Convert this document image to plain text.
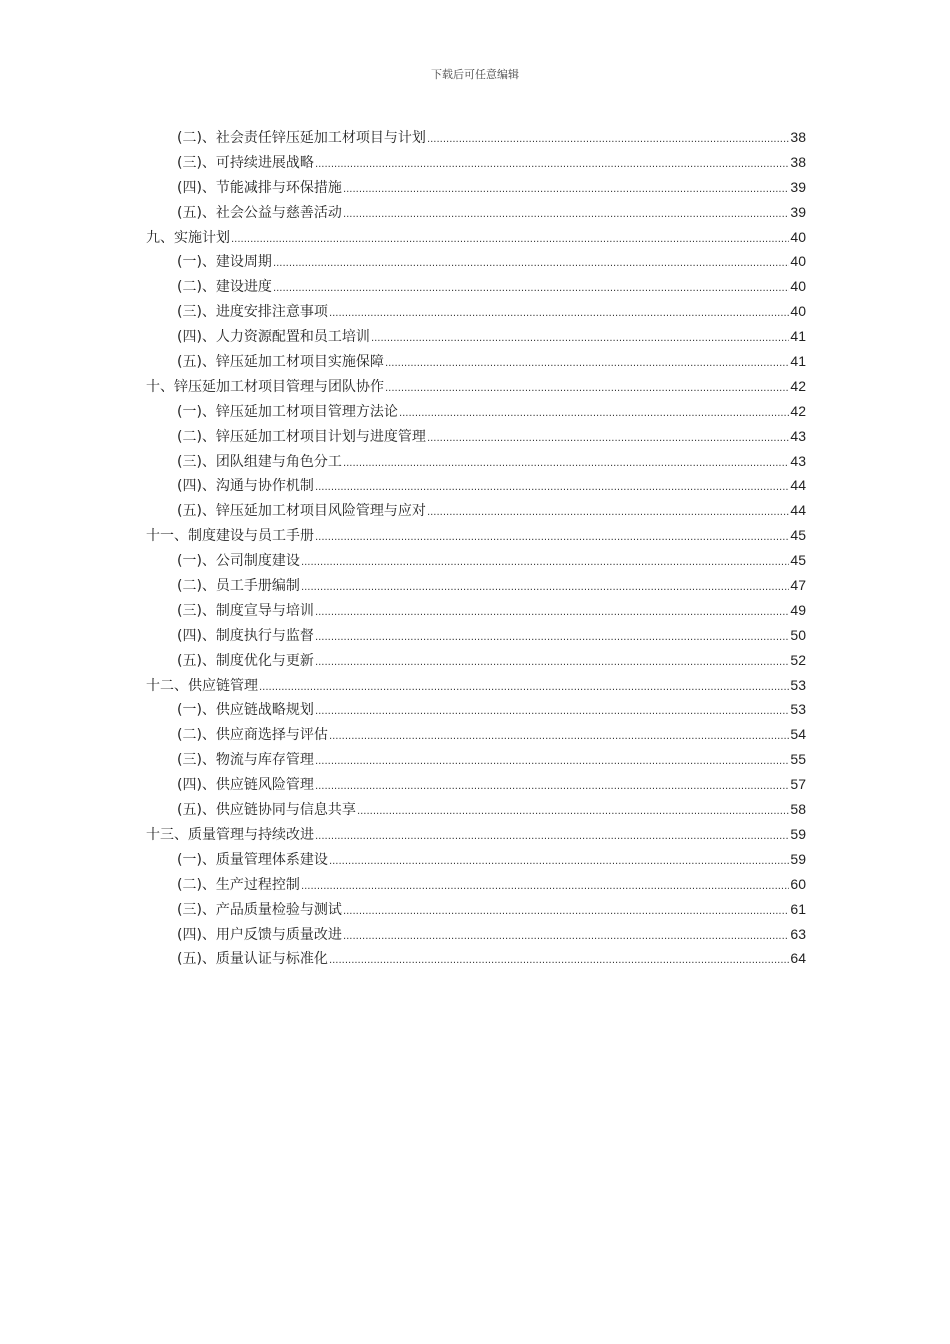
下载后可任意编辑
(二)、社会责任锌压延加工材项目与计划 .....	38
(三)、可持续进展战略 .....	38
(四)、节能减排与环保措施 .....	39
(五)、社会公益与慈善活动 .....	39
九、实施计划 .....	40
(一)、建设周期 .....	40
(二)、建设进度 .....	40
(三)、进度安排注意事项 .....	40
(四)、人力资源配置和员工培训 .....	41
(五)、锌压延加工材项目实施保障 .....	41
十、锌压延加工材项目管理与团队协作 .....	42
(一)、锌压延加工材项目管理方法论 .....	42
(二)、锌压延加工材项目计划与进度管理 .....	43
(三)、团队组建与角色分工 .....	43
(四)、沟通与协作机制 .....	44
(五)、锌压延加工材项目风险管理与应对 .....	44
十一、制度建设与员工手册 .....	45
(一)、公司制度建设 .....	45
(二)、员工手册编制 .....	47
(三)、制度宣导与培训 .....	49
(四)、制度执行与监督 .....	50
(五)、制度优化与更新 .....	52
十二、供应链管理 .....	53
(一)、供应链战略规划 .....	53
(二)、供应商选择与评估 .....	54
(三)、物流与库存管理 .....	55
(四)、供应链风险管理 .....	57
(五)、供应链协同与信息共享 .....	58
十三、质量管理与持续改进 .....	59
(一)、质量管理体系建设 .....	59
(二)、生产过程控制 .....	60
(三)、产品质量检验与测试 .....	61
(四)、用户反馈与质量改进 .....	63
(五)、质量认证与标准化 .....	64
